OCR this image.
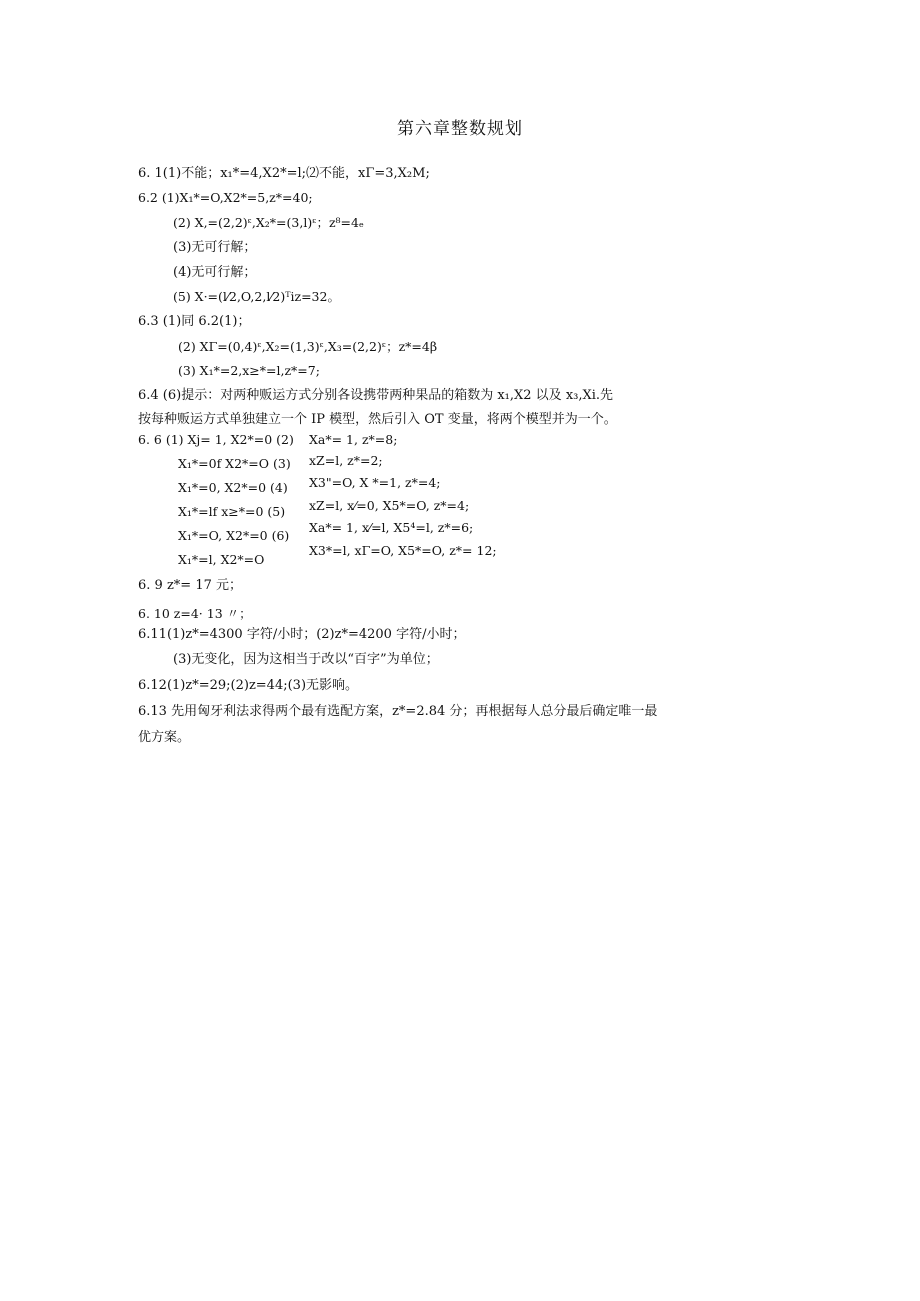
第六章整数规划
6. 1(1)不能；x₁*=4,X2*=l;⑵不能，xΓ=3,X₂M;
6.2 (1)X₁*=O,X2*=5,z*=40;
(2) X,=(2,2)ᵋ,X₂*=(3,l)ᵋ；z⁸=4ₑ
(3)无可行解；
(4)无可行解；
(5) X·=(l⁄2,O,2,l⁄2)ᵀiz=32。
6.3 (1)同 6.2(1)；
(2) XΓ=(0,4)ᵋ,X₂=(1,3)ᵋ,X₃=(2,2)ᵋ；z*=4β
(3) X₁*=2,x≥*=l,z*=7;
6.4 (6)提示：对两种贩运方式分别各设携带两种果品的箱数为 x₁,X2 以及 x₃,Xi.先
按每种贩运方式单独建立一个 IP 模型，然后引入 OT 变量，将两个模型并为一个。
6. 6 (1) Xj= 1, X2*=0 (2) Xa*= 1, z*=8;
X₁*=0f X2*=O (3) xZ=l, z*=2;
X₁*=0, X2*=0 (4) X3"=O, X *=1, z*=4;
X₁*=lf x≥*=0 (5) xZ=l, x⁄=0, X5*=O, z*=4;
X₁*=O, X2*=0 (6)
Xa*= 1, x⁄=l, X5⁴=l, z*=6;
X₁*=l, X2*=O
X3*=l, xΓ=O, X5*=O, z*= 12;
6. 9 z*= 17 元；
6. 10 z=4· 13 〃；
6.11(1)z*=4300 字符/小时；(2)z*=4200 字符/小时；
(3)无变化，因为这相当于改以“百字”为单位；
6.12(1)z*=29;(2)z=44;(3)无影响。
6.13 先用匈牙利法求得两个最有选配方案，z*=2.84 分；再根据每人总分最后确定唯一最
优方案。
